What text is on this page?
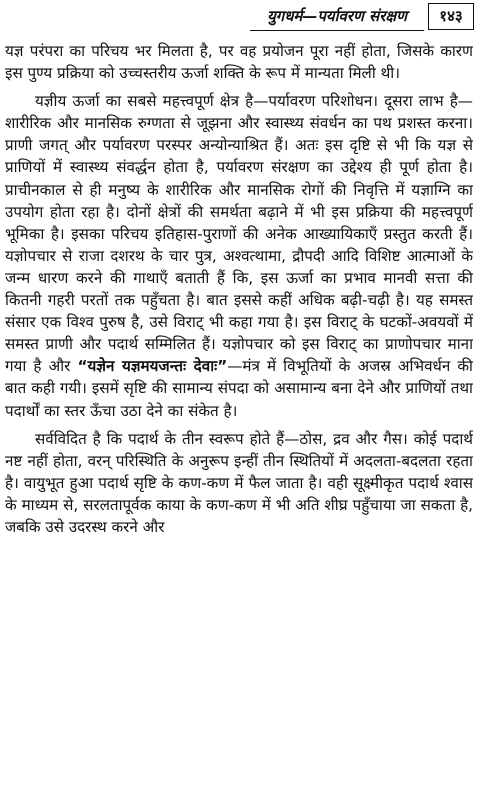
युगधर्म—पर्यावरण संरक्षण	१४३

यज्ञ परंपरा का परिचय भर मिलता है, पर वह प्रयोजन पूरा नहीं होता, जिसके कारण इस पुण्य प्रक्रिया को उच्चस्तरीय ऊर्जा शक्ति के रूप में मान्यता मिली थी।

यज्ञीय ऊर्जा का सबसे महत्त्वपूर्ण क्षेत्र है—पर्यावरण परिशोधन। दूसरा लाभ है—शारीरिक और मानसिक रुग्णता से जूझना और स्वास्थ्य संवर्धन का पथ प्रशस्त करना। प्राणी जगत् और पर्यावरण परस्पर अन्योन्याश्रित हैं। अतः इस दृष्टि से भी कि यज्ञ से प्राणियों में स्वास्थ्य संवर्द्धन होता है, पर्यावरण संरक्षण का उद्देश्य ही पूर्ण होता है। प्राचीनकाल से ही मनुष्य के शारीरिक और मानसिक रोगों की निवृत्ति में यज्ञाग्नि का उपयोग होता रहा है। दोनों क्षेत्रों की समर्थता बढ़ाने में भी इस प्रक्रिया की महत्त्वपूर्ण भूमिका है। इसका परिचय इतिहास-पुराणों की अनेक आख्यायिकाएँ प्रस्तुत करती हैं। यज्ञोपचार से राजा दशरथ के चार पुत्र, अश्वत्थामा, द्रौपदी आदि विशिष्ट आत्माओं के जन्म धारण करने की गाथाएँ बताती हैं कि, इस ऊर्जा का प्रभाव मानवी सत्ता की कितनी गहरी परतों तक पहुँचता है। बात इससे कहीं अधिक बढ़ी-चढ़ी है। यह समस्त संसार एक विश्व पुरुष है, उसे विराट् भी कहा गया है। इस विराट् के घटकों-अवयवों में समस्त प्राणी और पदार्थ सम्मिलित हैं। यज्ञोपचार को इस विराट् का प्राणोपचार माना गया है और “यज्ञेन यज्ञमयजन्तः देवाः”—मंत्र में विभूतियों के अजस्र अभिवर्धन की बात कही गयी। इसमें सृष्टि की सामान्य संपदा को असामान्य बना देने और प्राणियों तथा पदार्थों का स्तर ऊँचा उठा देने का संकेत है।

सर्वविदित है कि पदार्थ के तीन स्वरूप होते हैं—ठोस, द्रव और गैस। कोई पदार्थ नष्ट नहीं होता, वरन् परिस्थिति के अनुरूप इन्हीं तीन स्थितियों में अदलता-बदलता रहता है। वायुभूत हुआ पदार्थ सृष्टि के कण-कण में फैल जाता है। वही सूक्ष्मीकृत पदार्थ श्वास के माध्यम से, सरलतापूर्वक काया के कण-कण में भी अति शीघ्र पहुँचाया जा सकता है, जबकि उसे उदरस्थ करने और
